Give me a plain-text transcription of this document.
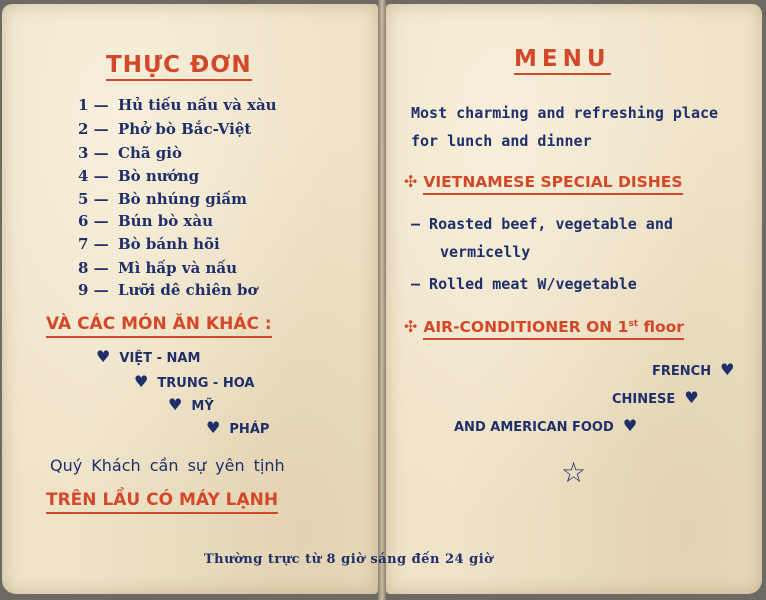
THỰC ĐƠN
1 — Hủ tiếu nấu và xàu
2 — Phở bò Bắc-Việt
3 — Chã giò
4 — Bò nướng
5 — Bò nhúng giấm
6 — Bún bò xàu
7 — Bò bánh hõi
8 — Mì hấp và nấu
9 — Lưỡi dê chiên bơ
VÀ CÁC MÓN ĂN KHÁC :
♥ VIỆT - NAM
♥ TRUNG - HOA
♥ MỸ
♥ PHÁP
Quý Khách cần sự yên tịnh
TRÊN LẦU CÓ MÁY LẠNH
MENU
Most charming and refreshing place
for lunch and dinner
✣ VIETNAMESE SPECIAL DISHES
— Roasted beef, vegetable and
vermicelly
— Rolled meat W/vegetable
✣ AIR-CONDITIONER ON 1st floor
FRENCH ♥
CHINESE ♥
AND AMERICAN FOOD ♥
☆
Thường trực từ 8 giờ sáng đến 24 giờ
